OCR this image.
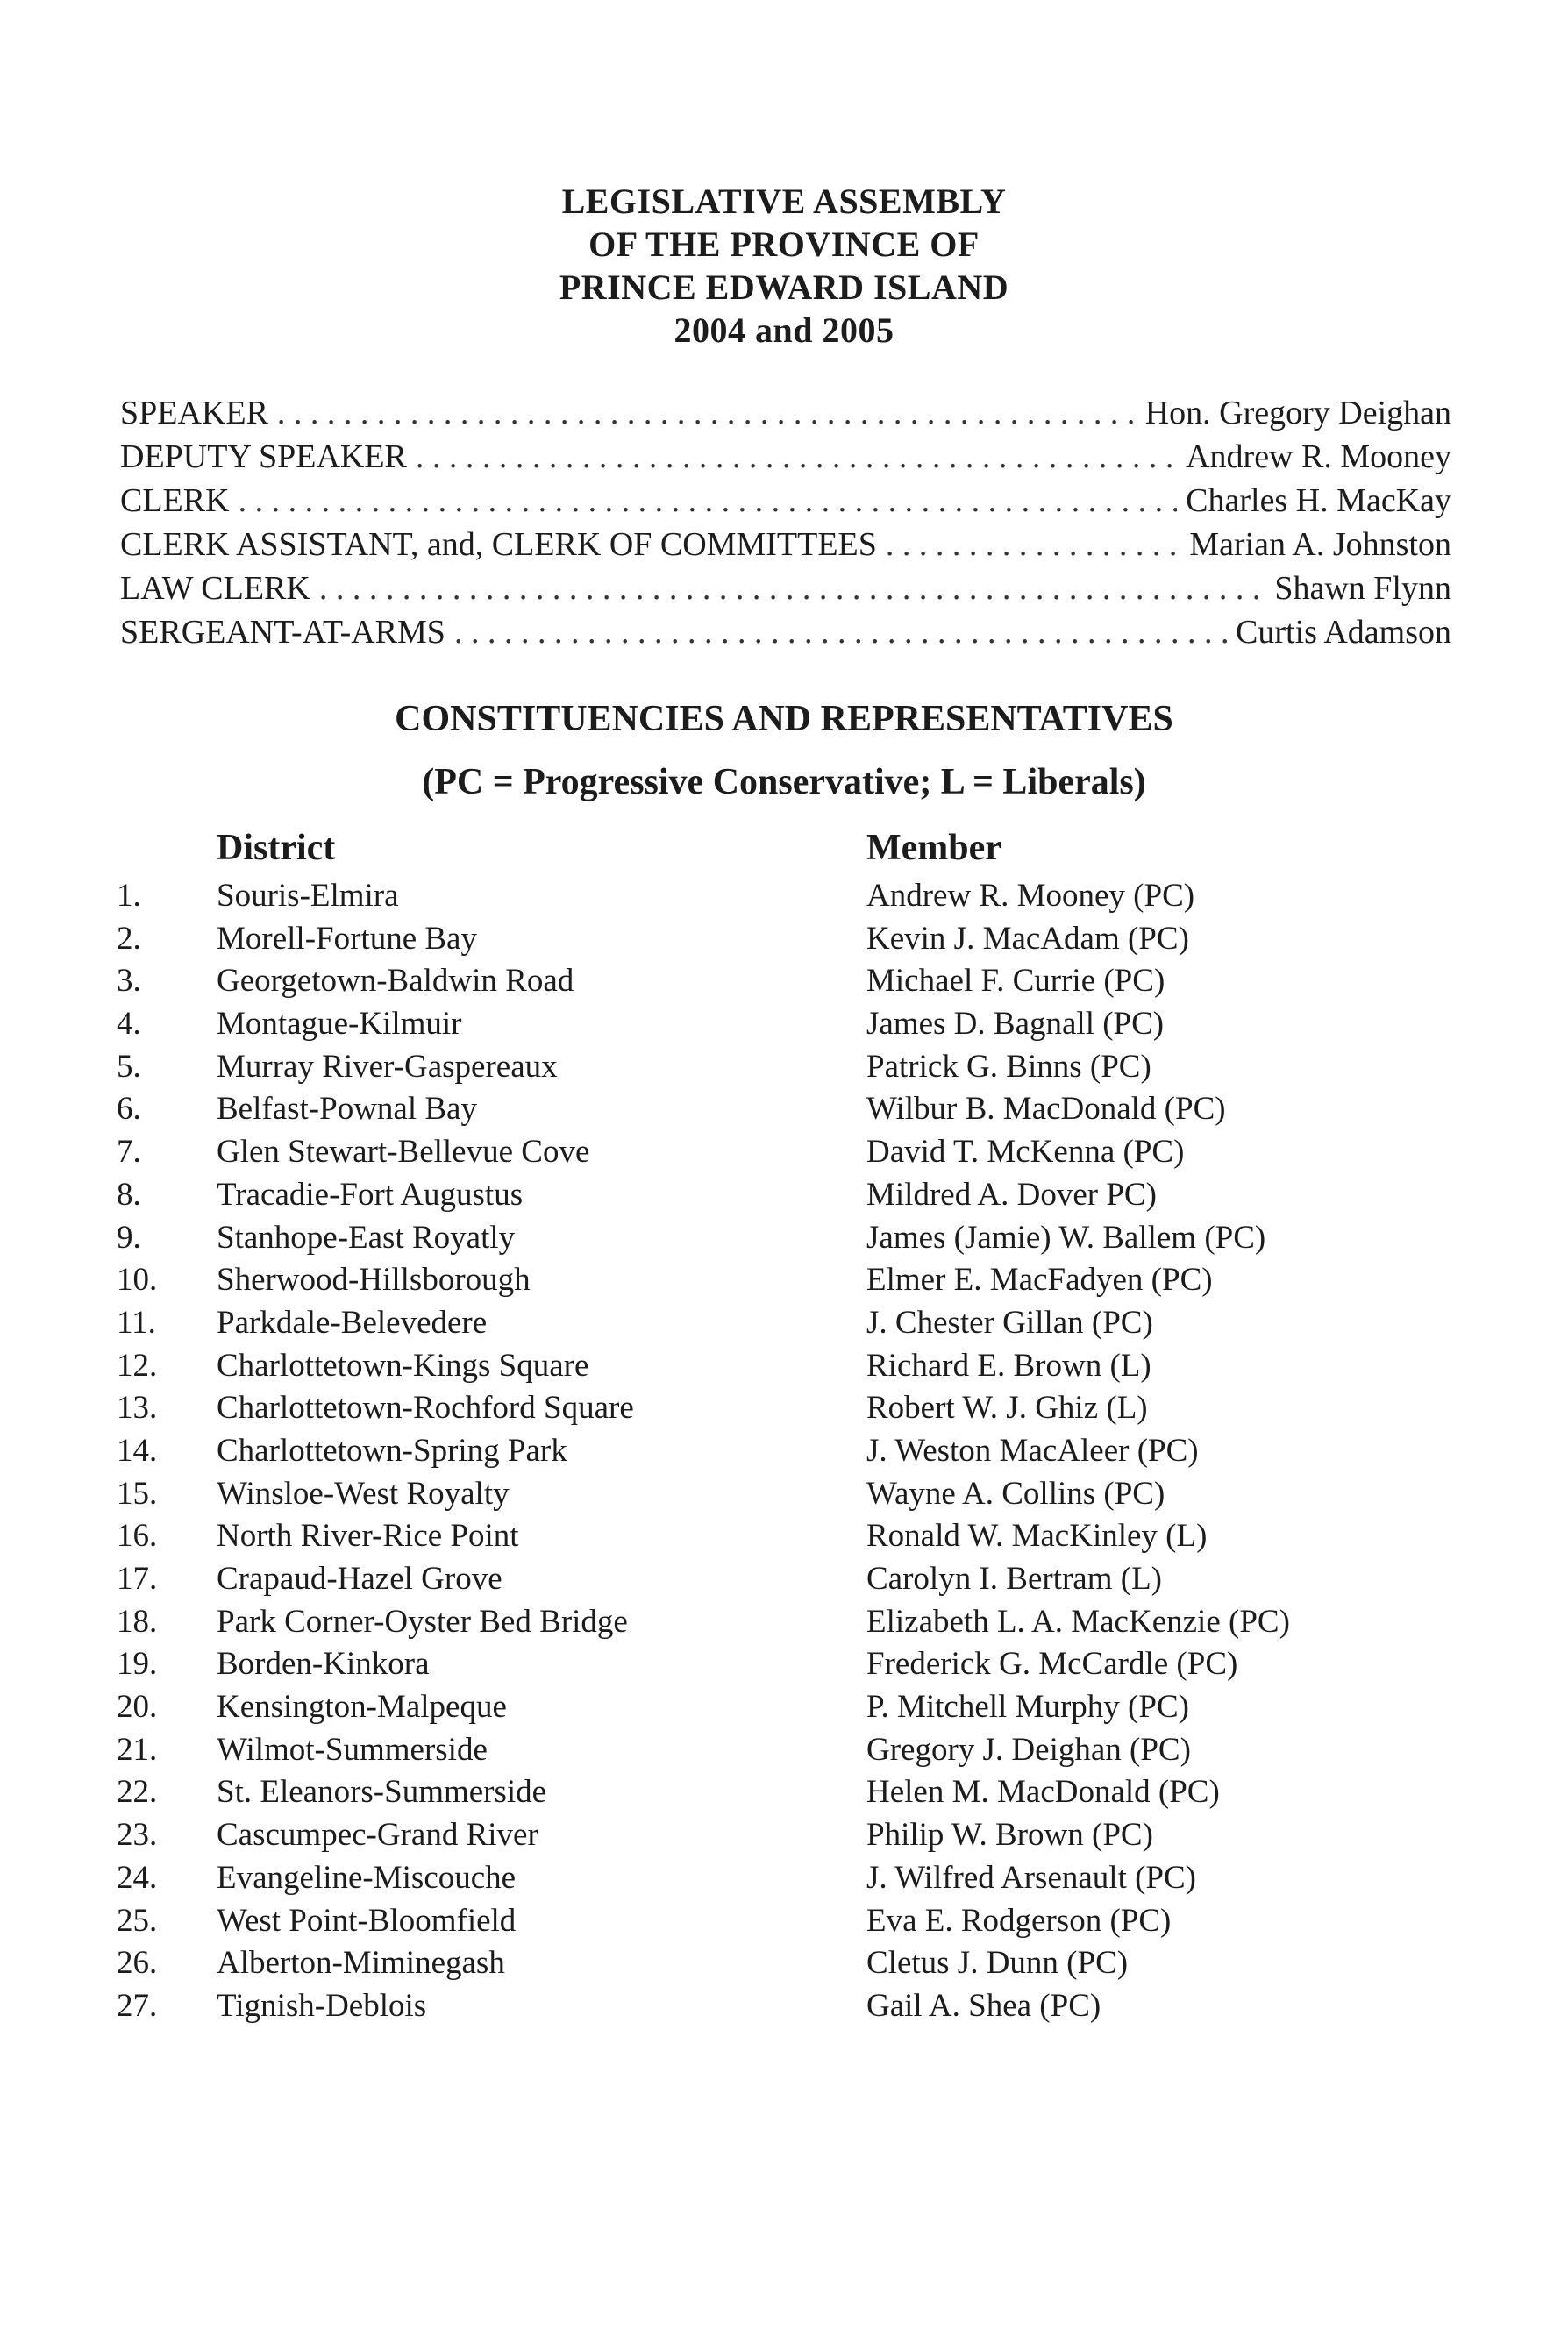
LEGISLATIVE ASSEMBLY
OF THE PROVINCE OF
PRINCE EDWARD ISLAND
2004 and 2005
SPEAKER . . .	Hon. Gregory Deighan
DEPUTY SPEAKER . . .	Andrew R. Mooney
CLERK . . .	Charles H. MacKay
CLERK ASSISTANT, and, CLERK OF COMMITTEES . . .	Marian A. Johnston
LAW CLERK . . .	Shawn Flynn
SERGEANT-AT-ARMS . . .	Curtis Adamson
CONSTITUENCIES AND REPRESENTATIVES
(PC = Progressive Conservative; L = Liberals)
District	Member
1.	Souris-Elmira	Andrew R. Mooney (PC)
2.	Morell-Fortune Bay	Kevin J. MacAdam (PC)
3.	Georgetown-Baldwin Road	Michael F. Currie (PC)
4.	Montague-Kilmuir	James D. Bagnall (PC)
5.	Murray River-Gaspereaux	Patrick G. Binns (PC)
6.	Belfast-Pownal Bay	Wilbur B. MacDonald (PC)
7.	Glen Stewart-Bellevue Cove	David T. McKenna (PC)
8.	Tracadie-Fort Augustus	Mildred A. Dover PC)
9.	Stanhope-East Royatly	James (Jamie) W. Ballem (PC)
10.	Sherwood-Hillsborough	Elmer E. MacFadyen (PC)
11.	Parkdale-Belevedere	J. Chester Gillan (PC)
12.	Charlottetown-Kings Square	Richard E. Brown (L)
13.	Charlottetown-Rochford Square	Robert W. J. Ghiz (L)
14.	Charlottetown-Spring Park	J. Weston MacAleer (PC)
15.	Winsloe-West Royalty	Wayne A. Collins (PC)
16.	North River-Rice Point	Ronald W. MacKinley (L)
17.	Crapaud-Hazel Grove	Carolyn I. Bertram (L)
18.	Park Corner-Oyster Bed Bridge	Elizabeth L. A. MacKenzie (PC)
19.	Borden-Kinkora	Frederick G. McCardle (PC)
20.	Kensington-Malpeque	P. Mitchell Murphy (PC)
21.	Wilmot-Summerside	Gregory J. Deighan (PC)
22.	St. Eleanors-Summerside	Helen M. MacDonald (PC)
23.	Cascumpec-Grand River	Philip W. Brown (PC)
24.	Evangeline-Miscouche	J. Wilfred Arsenault (PC)
25.	West Point-Bloomfield	Eva E. Rodgerson (PC)
26.	Alberton-Miminegash	Cletus J. Dunn (PC)
27.	Tignish-Deblois	Gail A. Shea (PC)
